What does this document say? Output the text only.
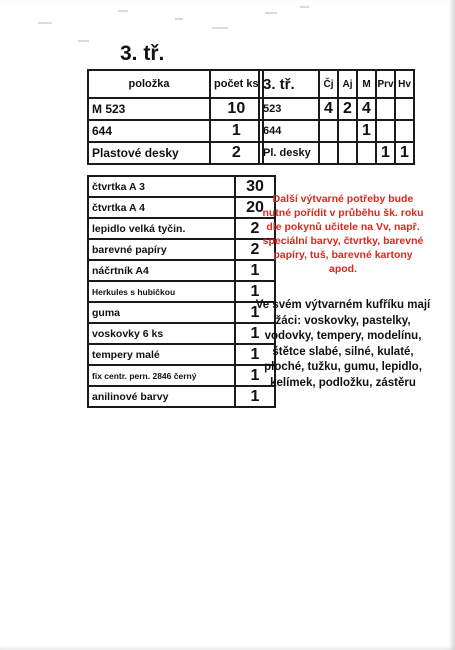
3. tř.
položka	počet ks
M 523	10
644	1
Plastové desky	2
3. tř.	Čj	Aj	M	Prv	Hv
523	4	2	4		
644			1		
Pl. desky				1	1
čtvrtka A 3	30
čtvrtka A 4	20
lepidlo velká tyčin.	2
barevné papíry	2
náčrtník A4	1
Herkules s hubičkou	1
guma	1
voskovky 6 ks	1
tempery malé	1
fix centr. pern. 2846 černý	1
anilinové barvy	1
Další výtvarné potřeby bude nutné pořídit v průběhu šk. roku dle pokynů učitele na Vv, např. speciální barvy, čtvrtky, barevné papíry, tuš, barevné kartony apod.
Ve svém výtvarném kufříku mají žáci: voskovky, pastelky, vodovky, tempery, modelínu, štětce slabé, silné, kulaté, ploché, tužku, gumu, lepidlo, kelímek, podložku, zástěru
